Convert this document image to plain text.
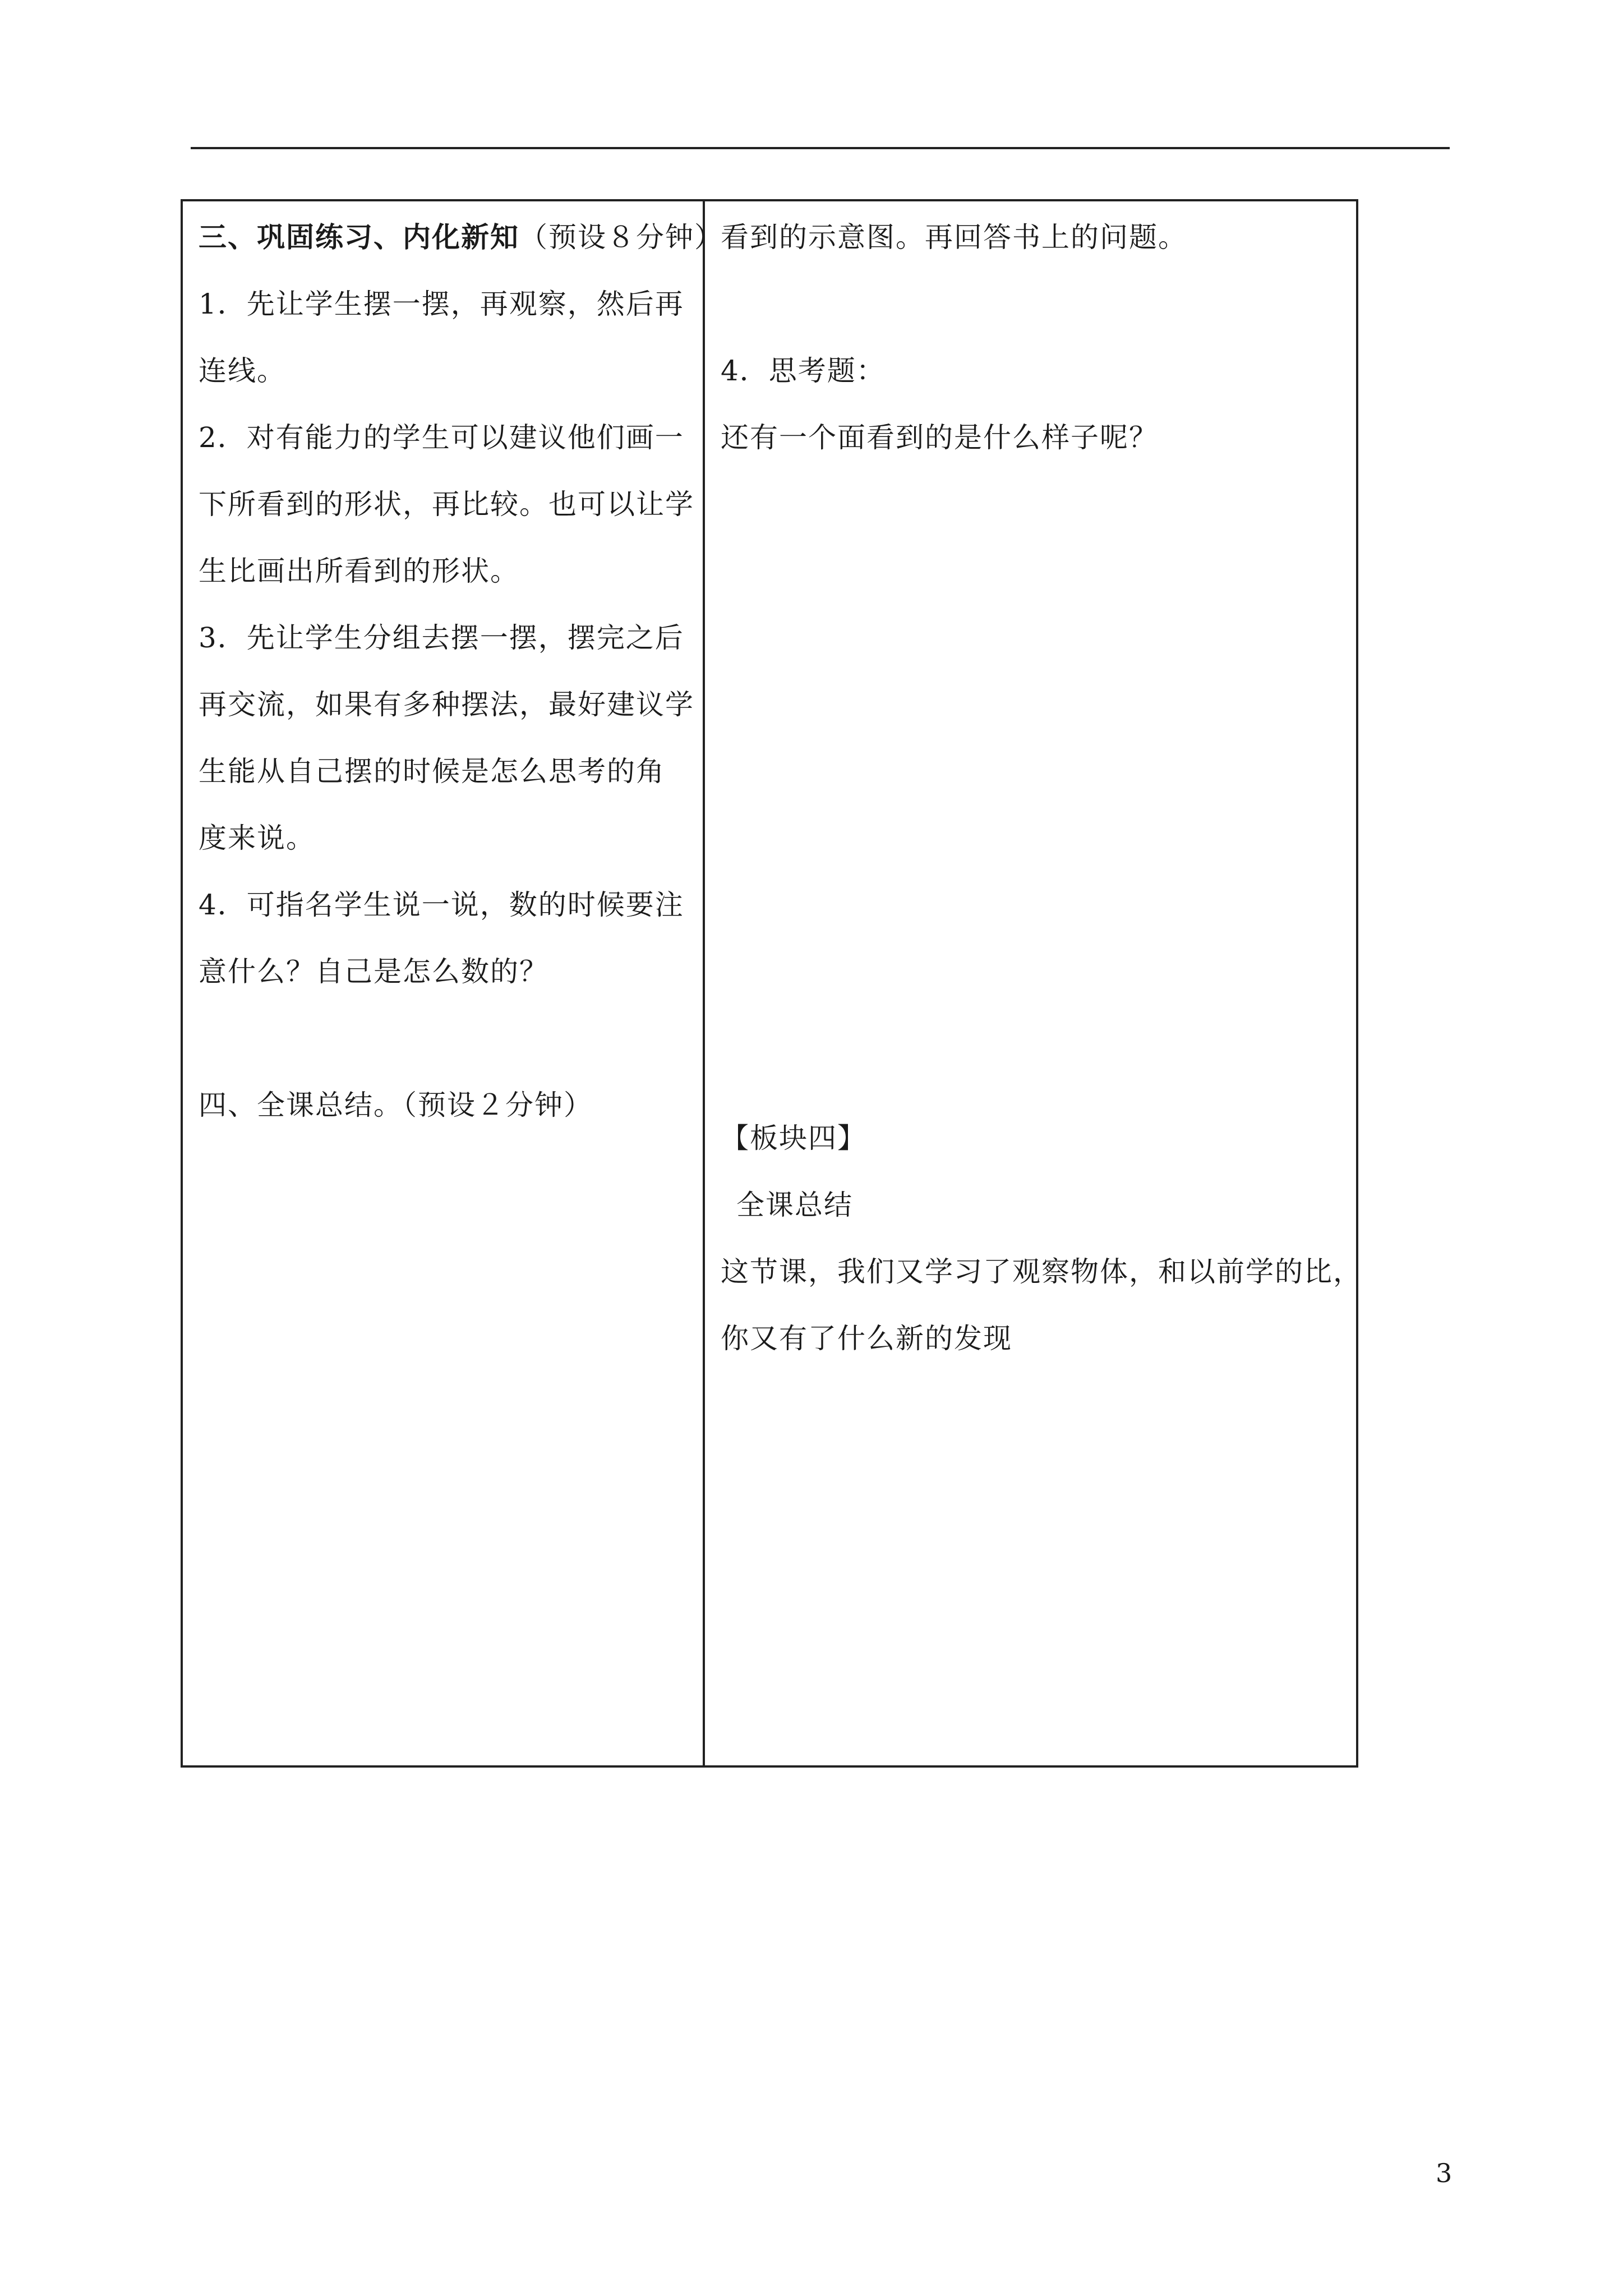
三、巩固练习、内化新知（预设８分钟）
1．先让学生摆一摆，再观察，然后再
连线。
2．对有能力的学生可以建议他们画一
下所看到的形状，再比较。也可以让学
生比画出所看到的形状。
3．先让学生分组去摆一摆，摆完之后
再交流，如果有多种摆法，最好建议学
生能从自己摆的时候是怎么思考的角
度来说。
4．可指名学生说一说，数的时候要注
意什么？自己是怎么数的？
四、全课总结。（预设２分钟）
看到的示意图。再回答书上的问题。
4．思考题：
还有一个面看到的是什么样子呢？
【板块四】
全课总结
这节课，我们又学习了观察物体，和以前学的比，
你又有了什么新的发现
3
